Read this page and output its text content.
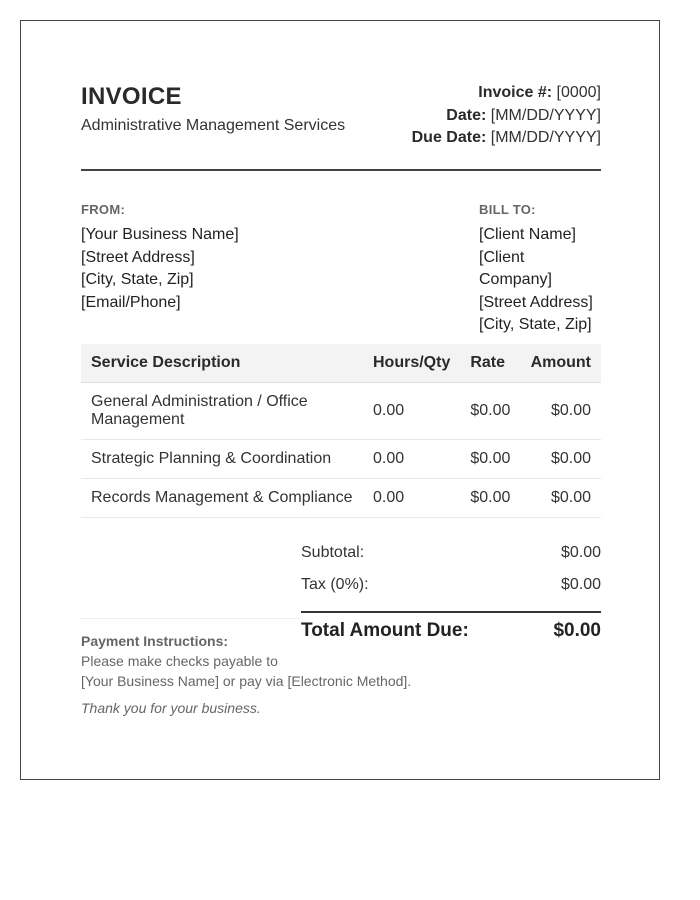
INVOICE
Administrative Management Services
Invoice #: [0000]
Date: [MM/DD/YYYY]
Due Date: [MM/DD/YYYY]
FROM:
[Your Business Name]
[Street Address]
[City, State, Zip]
[Email/Phone]
BILL TO:
[Client Name]
[Client Company]
[Street Address]
[City, State, Zip]
Service Description	Hours/Qty	Rate	Amount
General Administration / Office Management	0.00	$0.00	$0.00
Strategic Planning & Coordination	0.00	$0.00	$0.00
Records Management & Compliance	0.00	$0.00	$0.00
Subtotal:	$0.00
Tax (0%):	$0.00
Total Amount Due:	$0.00
Payment Instructions:
Please make checks payable to
[Your Business Name] or pay via [Electronic Method].
Thank you for your business.
